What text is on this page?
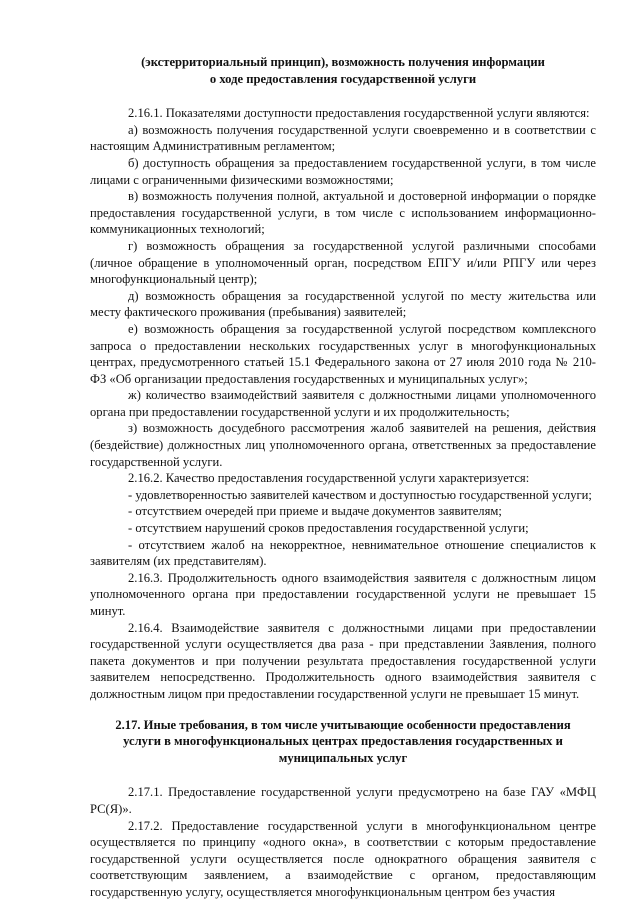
(экстерриториальный принцип), возможность получения информации
о ходе предоставления государственной услуги

2.16.1. Показателями доступности предоставления государственной услуги являются:

а) возможность получения государственной услуги своевременно и в соответствии с настоящим Административным регламентом;

б) доступность обращения за предоставлением государственной услуги, в том числе лицами с ограниченными физическими возможностями;

в) возможность получения полной, актуальной и достоверной информации о порядке предоставления государственной услуги, в том числе с использованием информационно-коммуникационных технологий;

г) возможность обращения за государственной услугой различными способами (личное обращение в уполномоченный орган, посредством ЕПГУ и/или РПГУ или через многофункциональный центр);

д) возможность обращения за государственной услугой по месту жительства или месту фактического проживания (пребывания) заявителей;

е) возможность обращения за государственной услугой посредством комплексного запроса о предоставлении нескольких государственных услуг в многофункциональных центрах, предусмотренного статьей 15.1 Федерального закона от 27 июля 2010 года № 210-ФЗ «Об организации предоставления государственных и муниципальных услуг»;

ж) количество взаимодействий заявителя с должностными лицами уполномоченного органа при предоставлении государственной услуги и их продолжительность;

з) возможность досудебного рассмотрения жалоб заявителей на решения, действия (бездействие) должностных лиц уполномоченного органа, ответственных за предоставление государственной услуги.

2.16.2. Качество предоставления государственной услуги характеризуется:

- удовлетворенностью заявителей качеством и доступностью государственной услуги;

- отсутствием очередей при приеме и выдаче документов заявителям;

- отсутствием нарушений сроков предоставления государственной услуги;

- отсутствием жалоб на некорректное, невнимательное отношение специалистов к заявителям (их представителям).

2.16.3. Продолжительность одного взаимодействия заявителя с должностным лицом уполномоченного органа при предоставлении государственной услуги не превышает 15 минут.

2.16.4. Взаимодействие заявителя с должностными лицами при предоставлении государственной услуги осуществляется два раза - при представлении Заявления, полного пакета документов и при получении результата предоставления государственной услуги заявителем непосредственно. Продолжительность одного взаимодействия заявителя с должностным лицом при предоставлении государственной услуги не превышает 15 минут.

2.17. Иные требования, в том числе учитывающие особенности предоставления
услуги в многофункциональных центрах предоставления государственных и
муниципальных услуг

2.17.1. Предоставление государственной услуги предусмотрено на базе ГАУ «МФЦ РС(Я)».

2.17.2. Предоставление государственной услуги в многофункциональном центре осуществляется по принципу «одного окна», в соответствии с которым предоставление государственной услуги осуществляется после однократного обращения заявителя с соответствующим заявлением, а взаимодействие с органом, предоставляющим государственную услугу, осуществляется многофункциональным центром без участия
